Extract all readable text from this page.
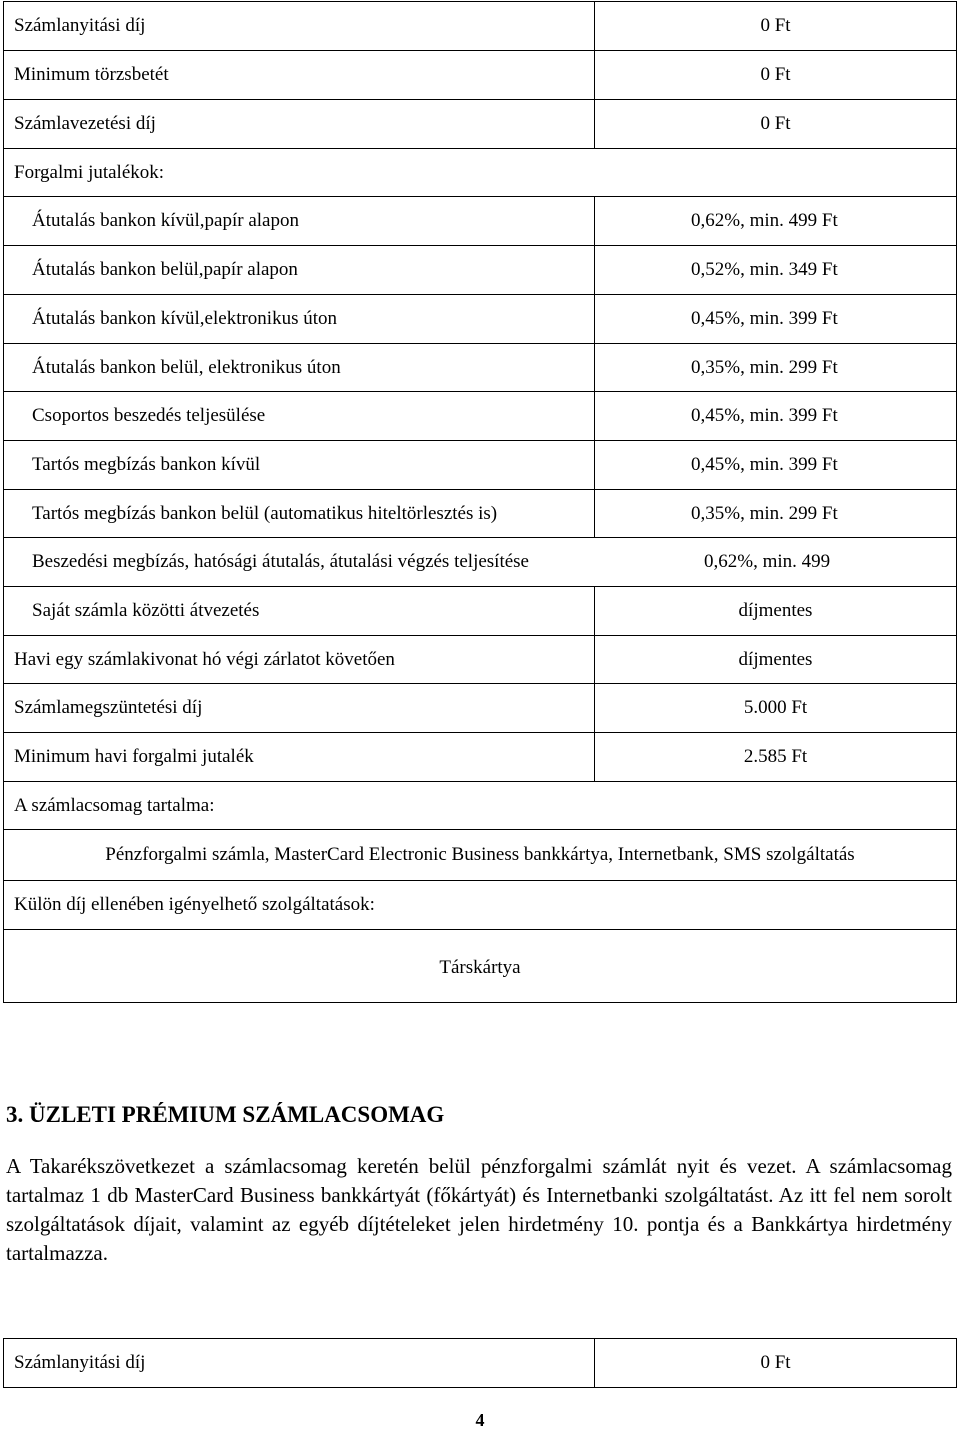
Számlanyitási díj	0 Ft
Minimum törzsbetét	0 Ft
Számlavezetési díj	0 Ft
Forgalmi jutalékok:
Átutalás bankon kívül,papír alapon	0,62%, min. 499 Ft
Átutalás bankon belül,papír alapon	0,52%, min. 349 Ft
Átutalás bankon kívül,elektronikus úton	0,45%, min. 399 Ft
Átutalás bankon belül, elektronikus úton	0,35%, min. 299 Ft
Csoportos beszedés teljesülése	0,45%, min. 399 Ft
Tartós megbízás bankon kívül	0,45%, min. 399 Ft
Tartós megbízás bankon belül (automatikus hiteltörlesztés is)	0,35%, min. 299 Ft
Beszedési megbízás, hatósági átutalás, átutalási végzés teljesítése	0,62%, min. 499
Saját számla közötti átvezetés	díjmentes
Havi egy számlakivonat hó végi zárlatot követően	díjmentes
Számlamegszüntetési díj	5.000 Ft
Minimum havi forgalmi jutalék	2.585 Ft
A számlacsomag tartalma:
Pénzforgalmi számla, MasterCard Electronic Business bankkártya, Internetbank, SMS szolgáltatás
Külön díj ellenében igényelhető szolgáltatások:
Társkártya
3. ÜZLETI PRÉMIUM SZÁMLACSOMAG
A Takarékszövetkezet a számlacsomag keretén belül pénzforgalmi számlát nyit és vezet. A számlacsomag tartalmaz 1 db MasterCard Business bankkártyát (főkártyát) és Internetbanki szolgáltatást. Az itt fel nem sorolt szolgáltatások díjait, valamint az egyéb díjtételeket jelen hirdetmény 10. pontja és a Bankkártya hirdetmény tartalmazza.
Számlanyitási díj	0 Ft
4
